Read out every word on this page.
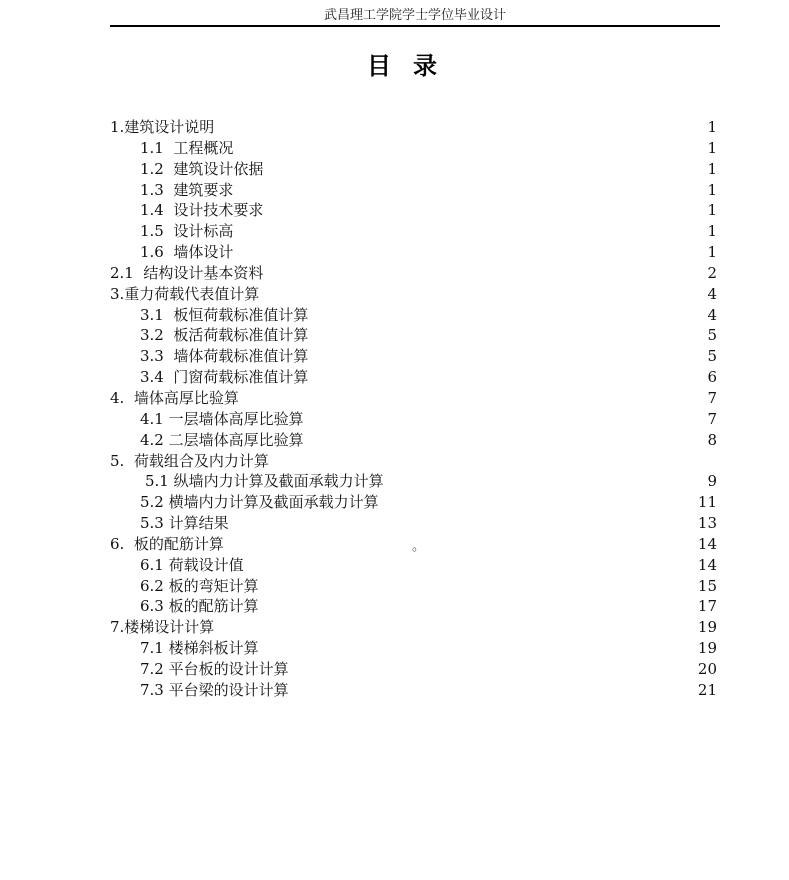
武昌理工学院学士学位毕业设计
目录
1.建筑设计说明	1
1.1  工程概况	1
1.2  建筑设计依据	1
1.3  建筑要求	1
1.4  设计技术要求	1
1.5  设计标高	1
1.6  墙体设计	1
2.1  结构设计基本资料	2
3.重力荷载代表值计算	4
3.1  板恒荷载标准值计算	4
3.2  板活荷载标准值计算	5
3.3  墙体荷载标准值计算	5
3.4  门窗荷载标准值计算	6
4.  墙体高厚比验算	7
4.1 一层墙体高厚比验算	7
4.2 二层墙体高厚比验算	8
5.  荷载组合及内力计算
5.1 纵墙内力计算及截面承载力计算	9
5.2 横墙内力计算及截面承载力计算	11
5.3 计算结果	13
6.  板的配筋计算	14
6.1 荷载设计值	14
6.2 板的弯矩计算	15
6.3 板的配筋计算	17
7.楼梯设计计算	19
7.1 楼梯斜板计算	19
7.2 平台板的设计计算	20
7.3 平台梁的设计计算	21
。
